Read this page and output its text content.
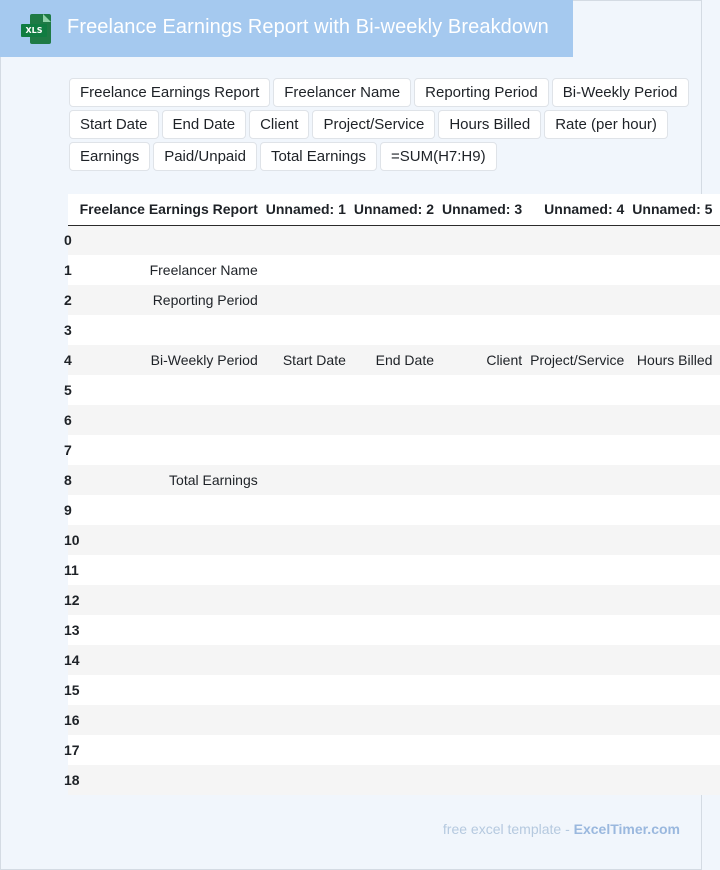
XLS Freelance Earnings Report with Bi-weekly Breakdown
Freelance Earnings Report	Freelancer Name	Reporting Period	Bi-Weekly Period
Start Date	End Date	Client	Project/Service	Hours Billed	Rate (per hour)
Earnings	Paid/Unpaid	Total Earnings	=SUM(H7:H9)
	Freelance Earnings Report	Unnamed: 1	Unnamed: 2	Unnamed: 3	Unnamed: 4	Unnamed: 5
0						
1	Freelancer Name					
2	Reporting Period					
3						
4	Bi-Weekly Period	Start Date	End Date	Client	Project/Service	Hours Billed
5						
6						
7						
8	Total Earnings					
9						
10						
11						
12						
13						
14						
15						
16						
17						
18						
free excel template - ExcelTimer.com
